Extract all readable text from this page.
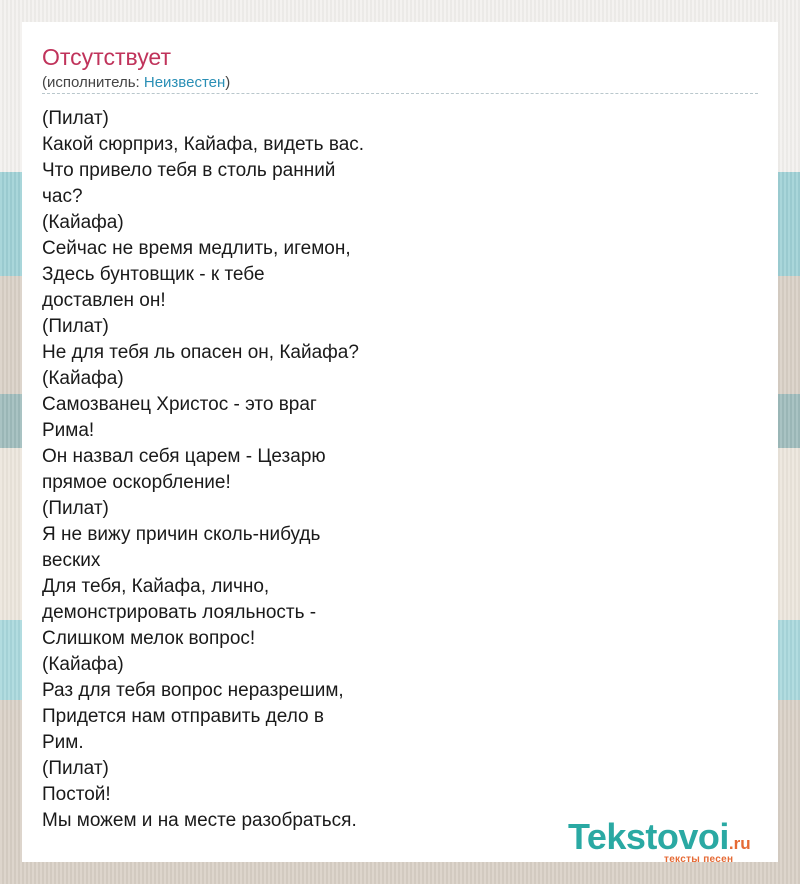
Отсутствует
(исполнитель: Неизвестен)
(Пилат)
Какой сюрприз, Кайафа, видеть вас.
Что привело тебя в столь ранний
час?
(Кайафа)
Сейчас не время медлить, игемон,
Здесь бунтовщик - к тебе
доставлен он!
(Пилат)
Не для тебя ль опасен он, Кайафа?
(Кайафа)
Самозванец Христос - это враг
Рима!
Он назвал себя царем - Цезарю
прямое оскорбление!
(Пилат)
Я не вижу причин сколь-нибудь
веских
Для тебя, Кайафа, лично,
демонстрировать лояльность -
Слишком мелок вопрос!
(Кайафа)
Раз для тебя вопрос неразрешим,
Придется нам отправить дело в
Рим.
(Пилат)
Постой!
Мы можем и на месте разобраться.	Tekstovoi.ru
тексты песен
